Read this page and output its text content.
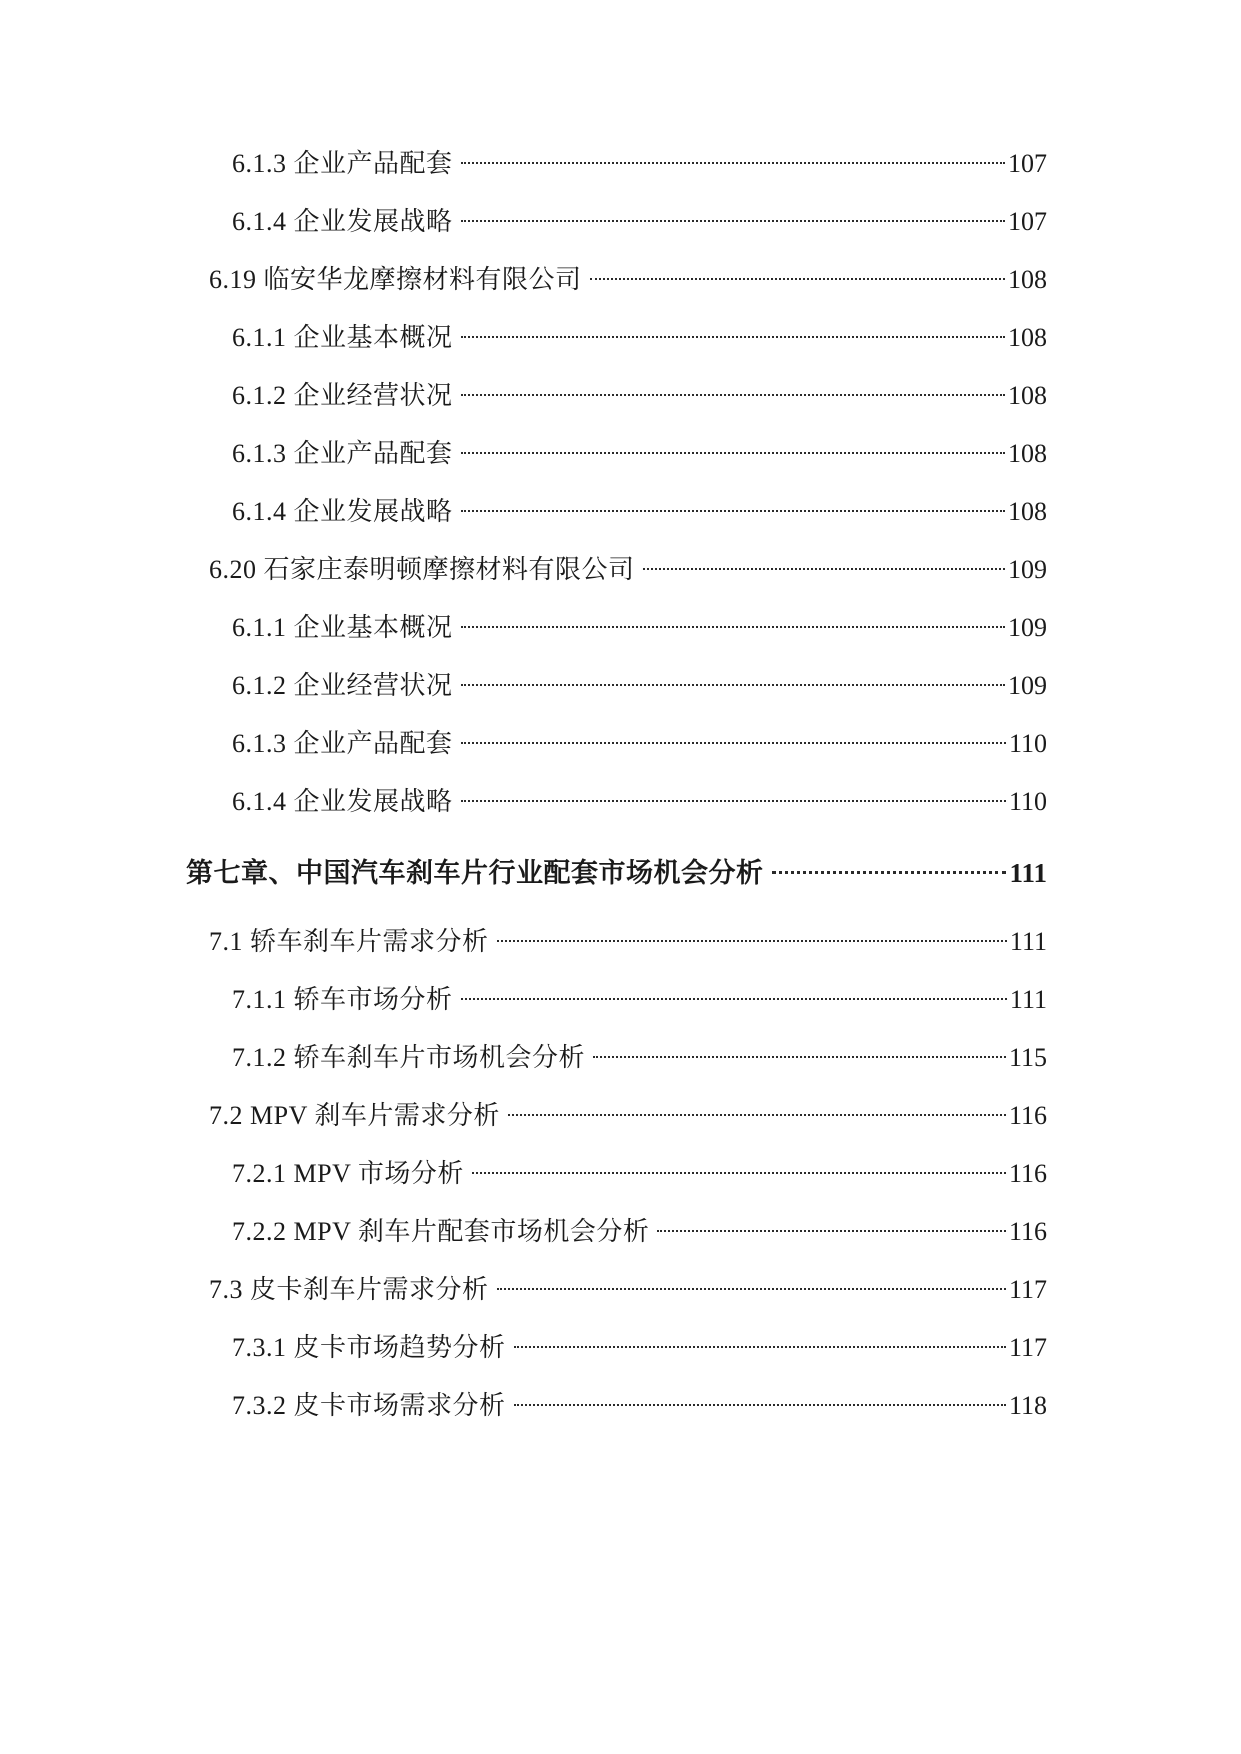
6.1.3 企业产品配套	107
6.1.4 企业发展战略	107
6.19 临安华龙摩擦材料有限公司	108
6.1.1 企业基本概况	108
6.1.2 企业经营状况	108
6.1.3 企业产品配套	108
6.1.4 企业发展战略	108
6.20 石家庄泰明顿摩擦材料有限公司	109
6.1.1 企业基本概况	109
6.1.2 企业经营状况	109
6.1.3 企业产品配套	110
6.1.4 企业发展战略	110
第七章、中国汽车刹车片行业配套市场机会分析	111
7.1 轿车刹车片需求分析	111
7.1.1 轿车市场分析	111
7.1.2 轿车刹车片市场机会分析	115
7.2 MPV 刹车片需求分析	116
7.2.1 MPV 市场分析	116
7.2.2 MPV 刹车片配套市场机会分析	116
7.3 皮卡刹车片需求分析	117
7.3.1 皮卡市场趋势分析	117
7.3.2 皮卡市场需求分析	118
